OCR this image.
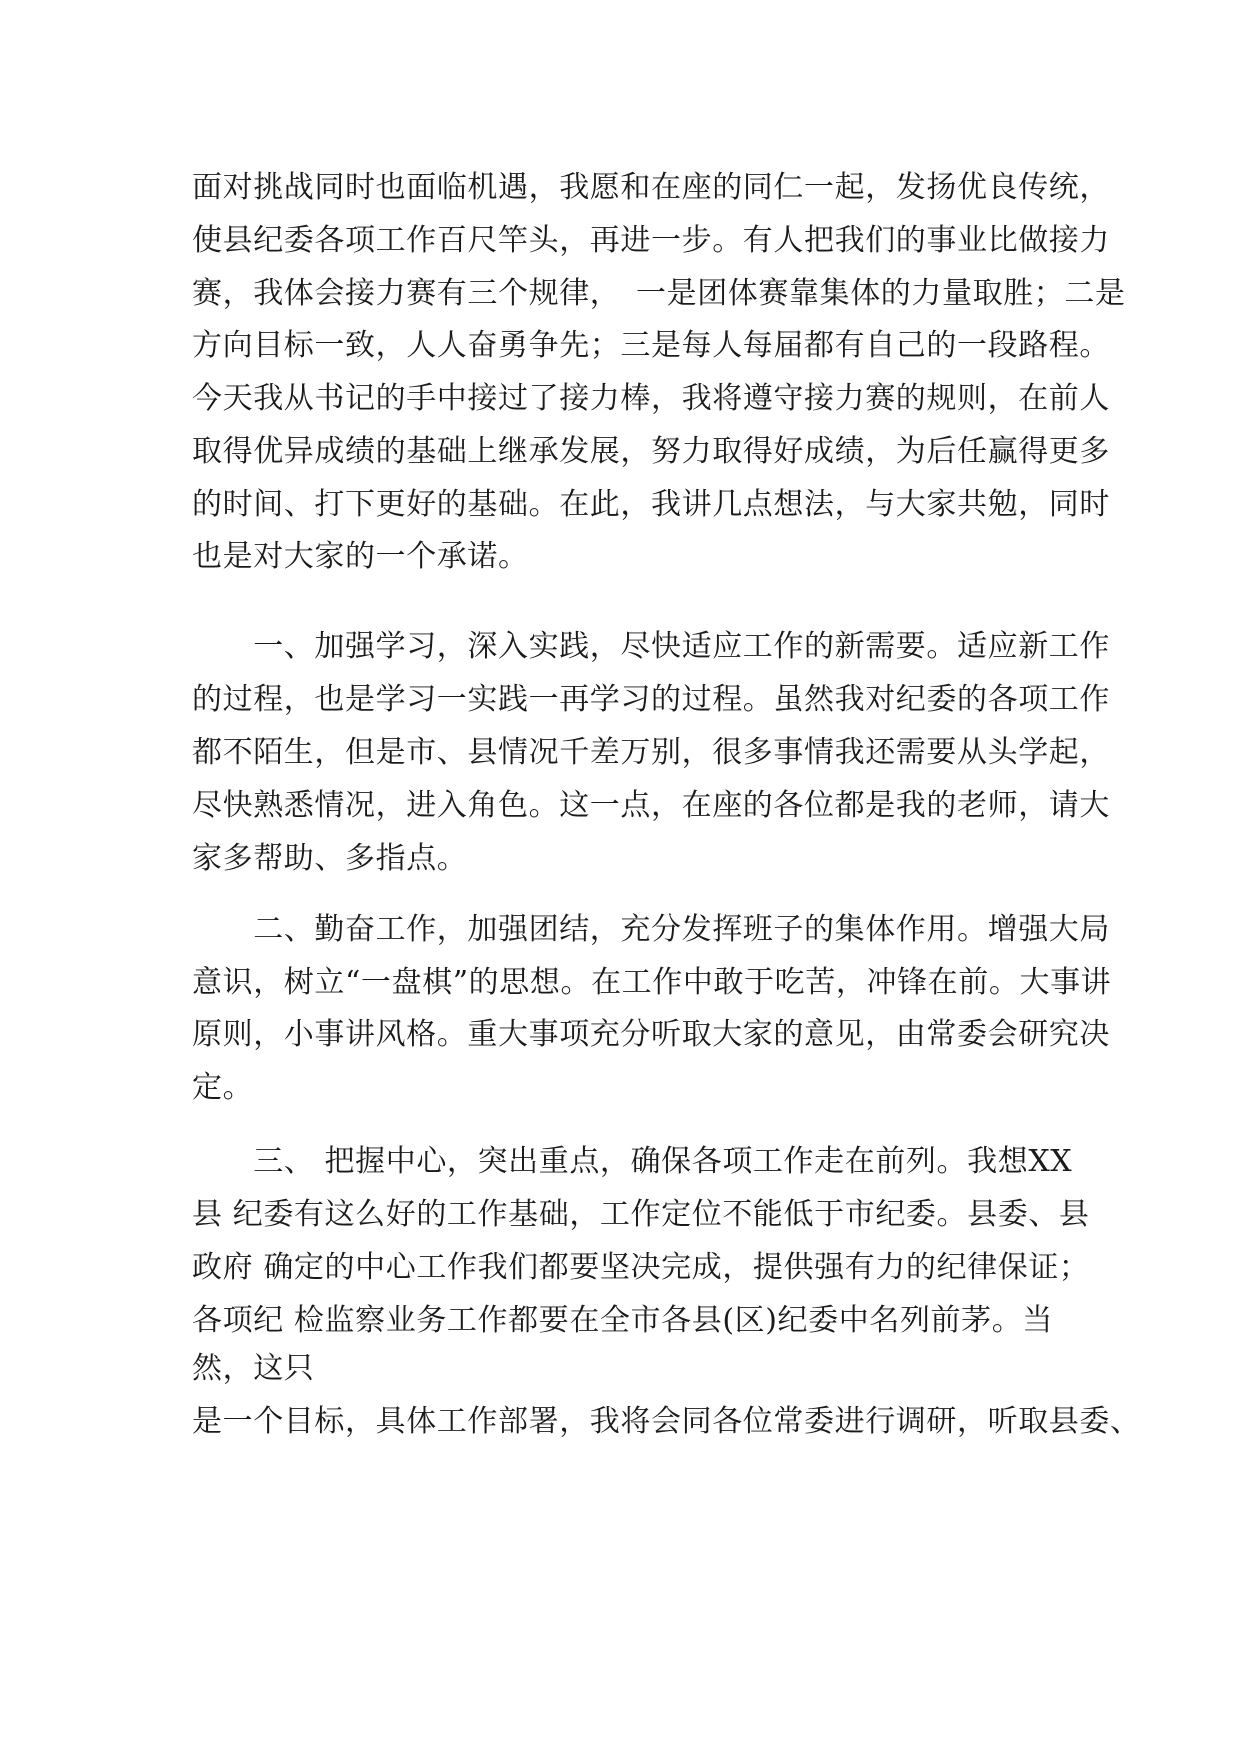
面对挑战同时也面临机遇，我愿和在座的同仁一起，发扬优良传统，
使县纪委各项工作百尺竿头，再进一步。有人把我们的事业比做接力
赛，我体会接力赛有三个规律，　一是团体赛靠集体的力量取胜；二是
方向目标一致，人人奋勇争先；三是每人每届都有自己的一段路程。
今天我从书记的手中接过了接力棒，我将遵守接力赛的规则，在前人
取得优异成绩的基础上继承发展，努力取得好成绩，为后任赢得更多
的时间、打下更好的基础。在此，我讲几点想法，与大家共勉，同时
也是对大家的一个承诺。
　　一、加强学习，深入实践，尽快适应工作的新需要。适应新工作
的过程，也是学习一实践一再学习的过程。虽然我对纪委的各项工作
都不陌生，但是市、县情况千差万别，很多事情我还需要从头学起，
尽快熟悉情况，进入角色。这一点，在座的各位都是我的老师，请大
家多帮助、多指点。
　　二、勤奋工作，加强团结，充分发挥班子的集体作用。增强大局
意识，树立“一盘棋”的思想。在工作中敢于吃苦，冲锋在前。大事讲
原则，小事讲风格。重大事项充分听取大家的意见，由常委会研究决
定。
　　三、 把握中心，突出重点，确保各项工作走在前列。我想XX
县 纪委有这么好的工作基础，工作定位不能低于市纪委。县委、县
政府 确定的中心工作我们都要坚决完成，提供强有力的纪律保证；
各项纪 检监察业务工作都要在全市各县(区)纪委中名列前茅。当
然，这只
是一个目标，具体工作部署，我将会同各位常委进行调研，听取县委、
